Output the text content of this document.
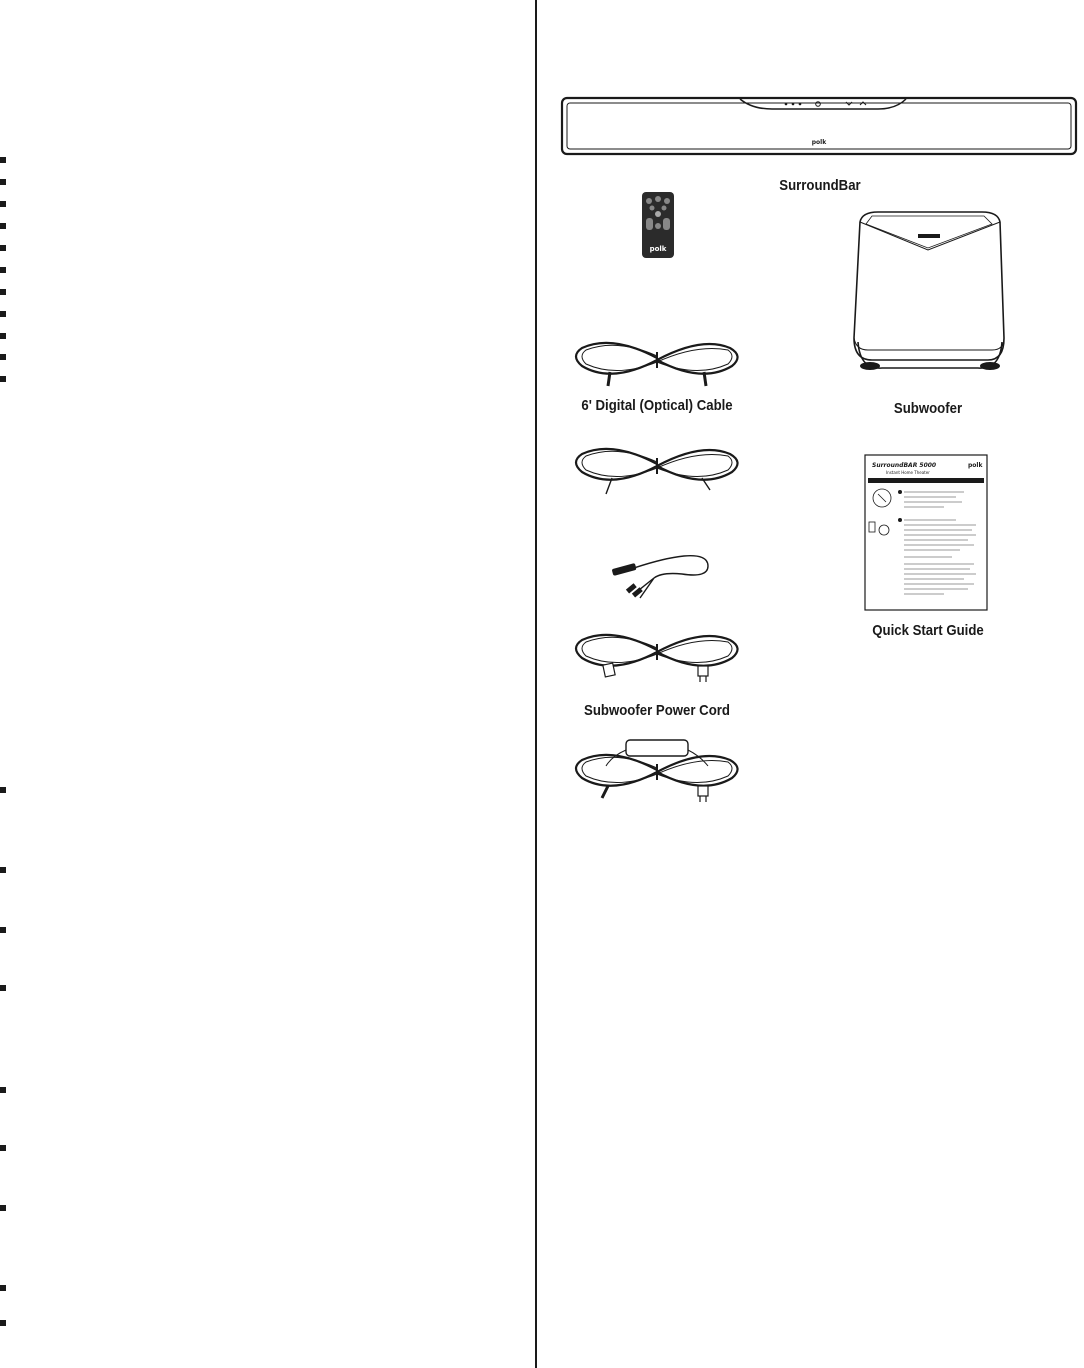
polk
SurroundBar
polk
Subwoofer
6' Digital (Optical) Cable
SurroundBAR 5000
Instant Home Theater
polk
Quick Start Guide
Subwoofer Power Cord
